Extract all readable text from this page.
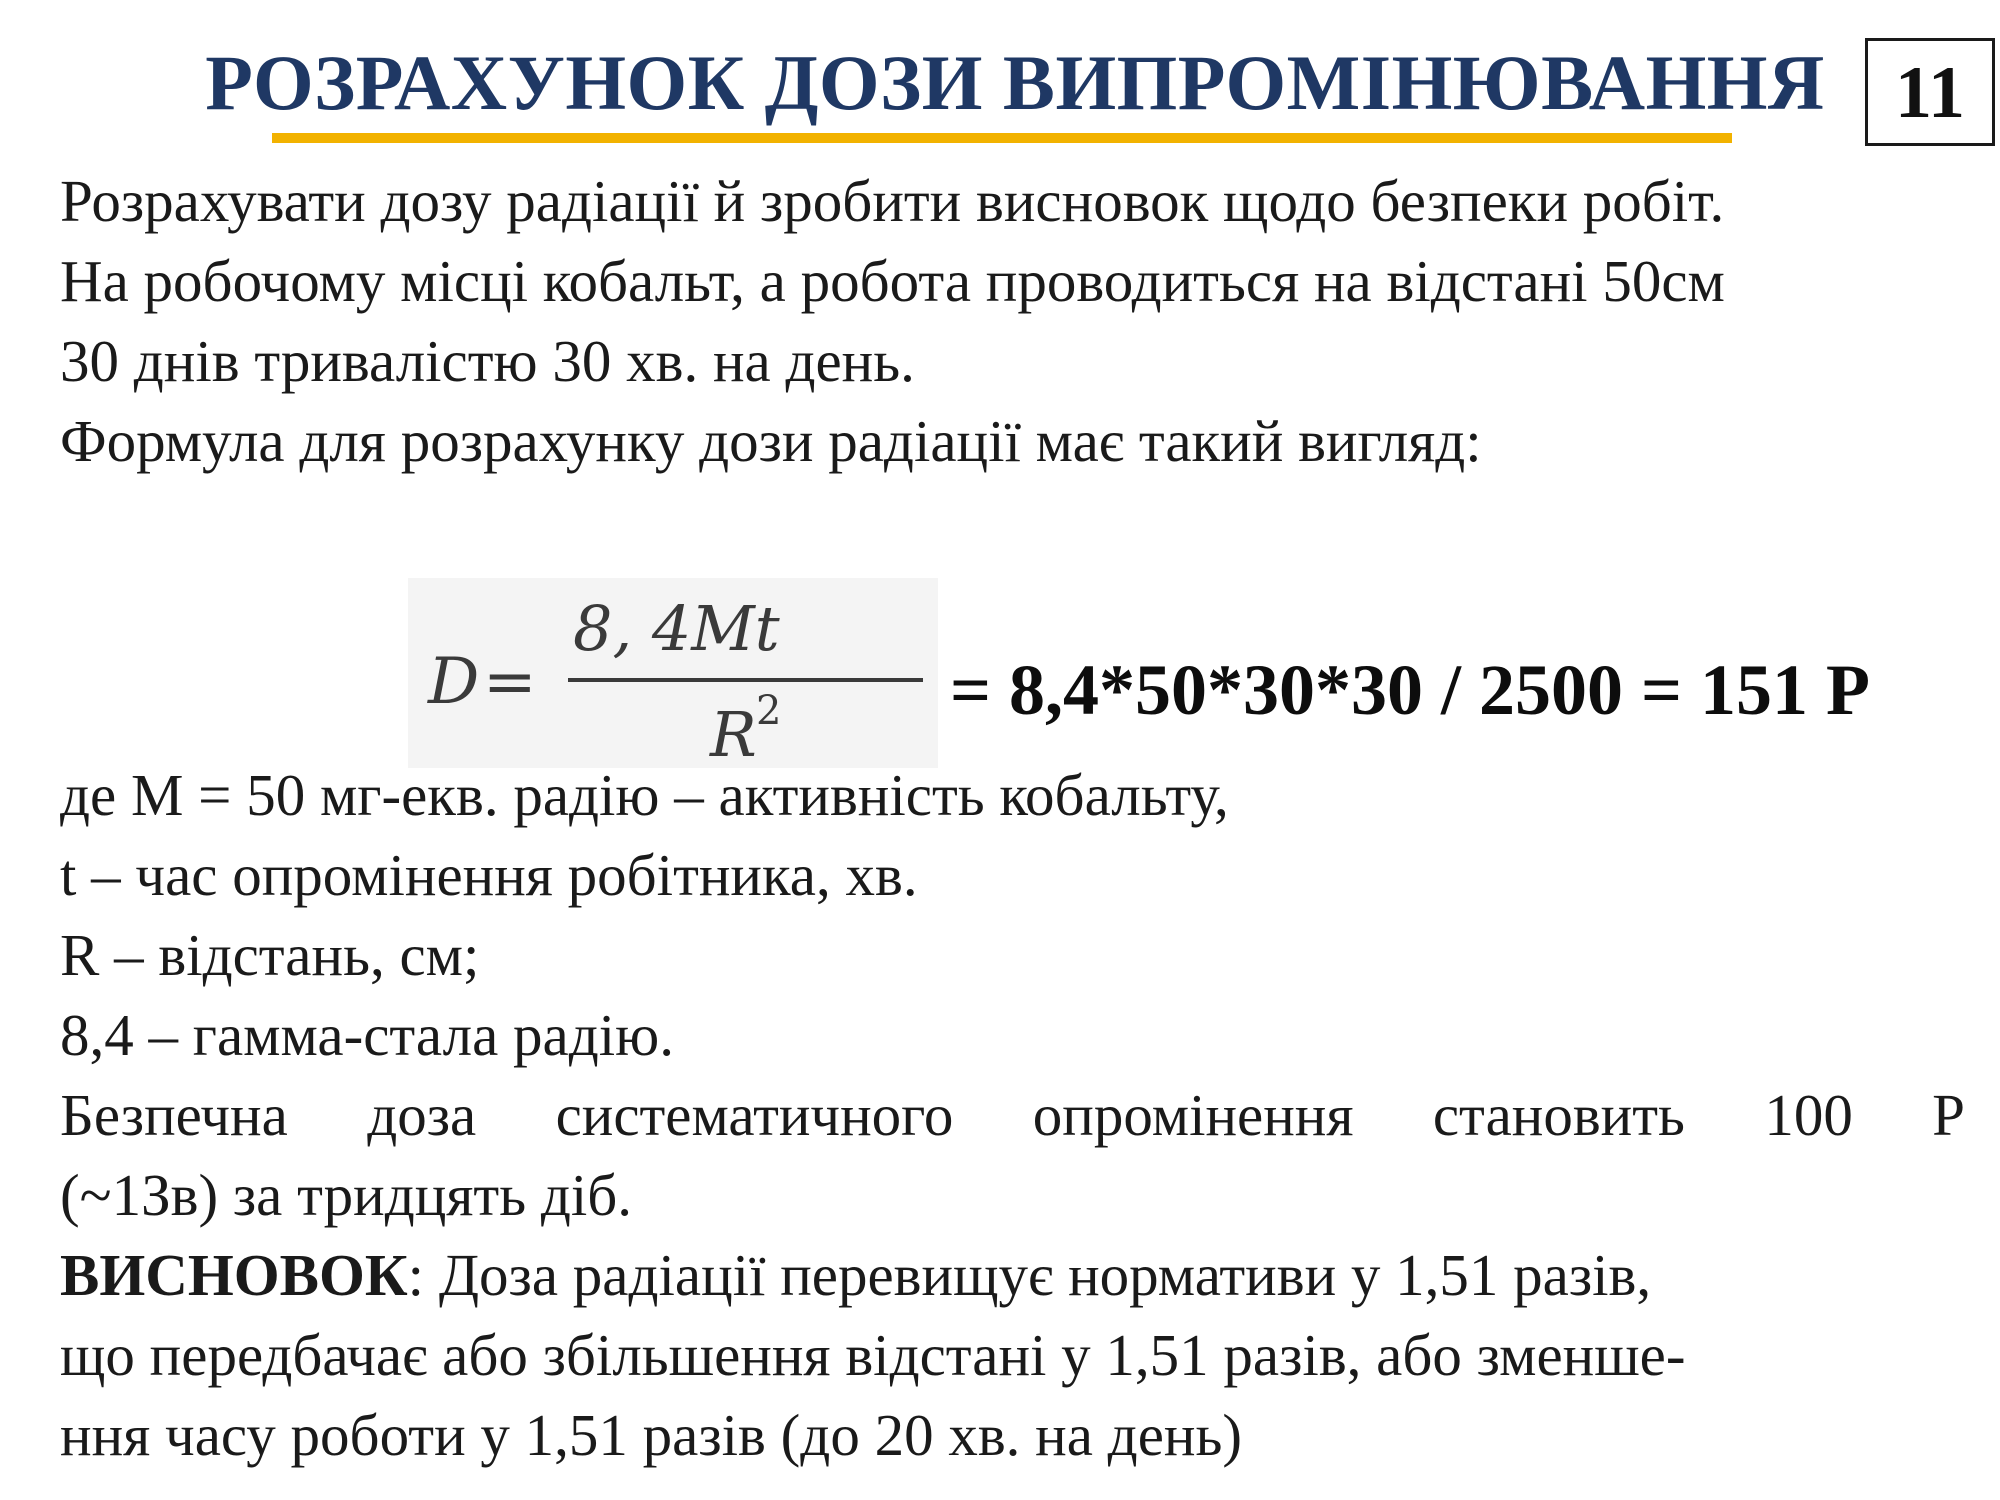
РОЗРАХУНОК ДОЗИ ВИПРОМІНЮВАННЯ 11
Розрахувати дозу радіації й зробити висновок щодо безпеки робіт.
На робочому місці кобальт, а робота проводиться на відстані 50см
30 днів тривалістю 30 хв. на день.
Формула для розрахунку дози радіації має такий вигляд:
D =
8, 4Mt
R 2 = 8,4*50*30*30 / 2500 = 151 Р
де М = 50 мг-екв. радію – активність кобальту,
t – час опромінення робітника, хв.
R – відстань, см;
8,4 – гамма-стала радію.
Безпечна доза систематичного опромінення становить 100 Р
(~1Зв) за тридцять діб.
ВИСНОВОК: Доза радіації перевищує нормативи у 1,51 разів,
що передбачає або збільшення відстані у 1,51 разів, або зменше-
ння часу роботи у 1,51 разів (до 20 хв. на день)
